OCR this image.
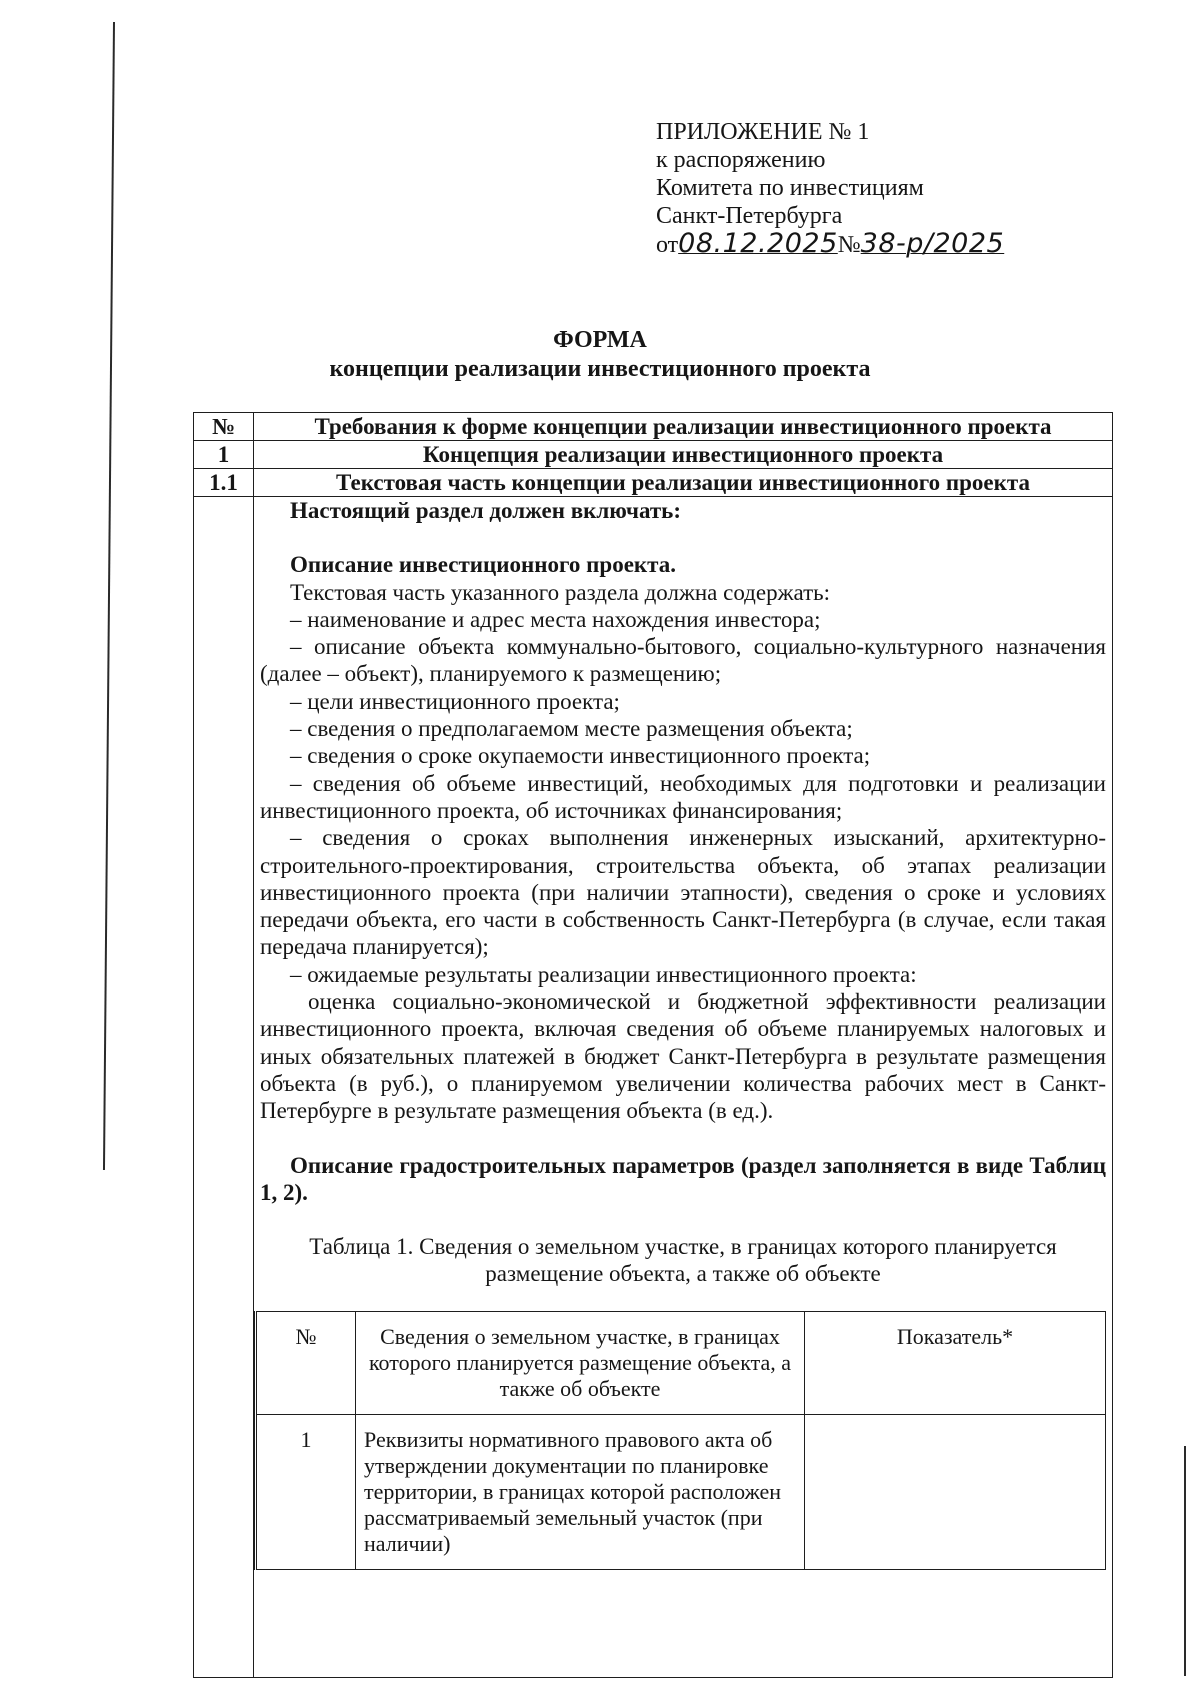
ПРИЛОЖЕНИЕ № 1
к распоряжению
Комитета по инвестициям
Санкт-Петербурга
от08.12.2025№38-р/2025
ФОРМА
концепции реализации инвестиционного проекта
№	Требования к форме концепции реализации инвестиционного проекта
1	Концепция реализации инвестиционного проекта
1.1	Текстовая часть концепции реализации инвестиционного проекта

Настоящий раздел должен включать:
Описание инвестиционного проекта.
Текстовая часть указанного раздела должна содержать:
– наименование и адрес места нахождения инвестора;
– описание объекта коммунально-бытового, социально-культурного назначения (далее – объект), планируемого к размещению;
– цели инвестиционного проекта;
– сведения о предполагаемом месте размещения объекта;
– сведения о сроке окупаемости инвестиционного проекта;
– сведения об объеме инвестиций, необходимых для подготовки и реализации инвестиционного проекта, об источниках финансирования;
– сведения о сроках выполнения инженерных изысканий, архитектурно-строительного-проектирования, строительства объекта, об этапах реализации инвестиционного проекта (при наличии этапности), сведения о сроке и условиях передачи объекта, его части в собственность Санкт-Петербурга (в случае, если такая передача планируется);
– ожидаемые результаты реализации инвестиционного проекта:
оценка социально-экономической и бюджетной эффективности реализации инвестиционного проекта, включая сведения об объеме планируемых налоговых и иных обязательных платежей в бюджет Санкт-Петербурга в результате размещения объекта (в руб.), о планируемом увеличении количества рабочих мест в Санкт-Петербурге в результате размещения объекта (в ед.).
Описание градостроительных параметров (раздел заполняется в виде Таблиц 1, 2).
Таблица 1. Сведения о земельном участке, в границах которого планируется размещение объекта, а также об объекте
№	Сведения о земельном участке, в границах которого планируется размещение объекта, а также об объекте	Показатель*
1	Реквизиты нормативного правового акта об утверждении документации по планировке территории, в границах которой расположен рассматриваемый земельный участок (при наличии)	
